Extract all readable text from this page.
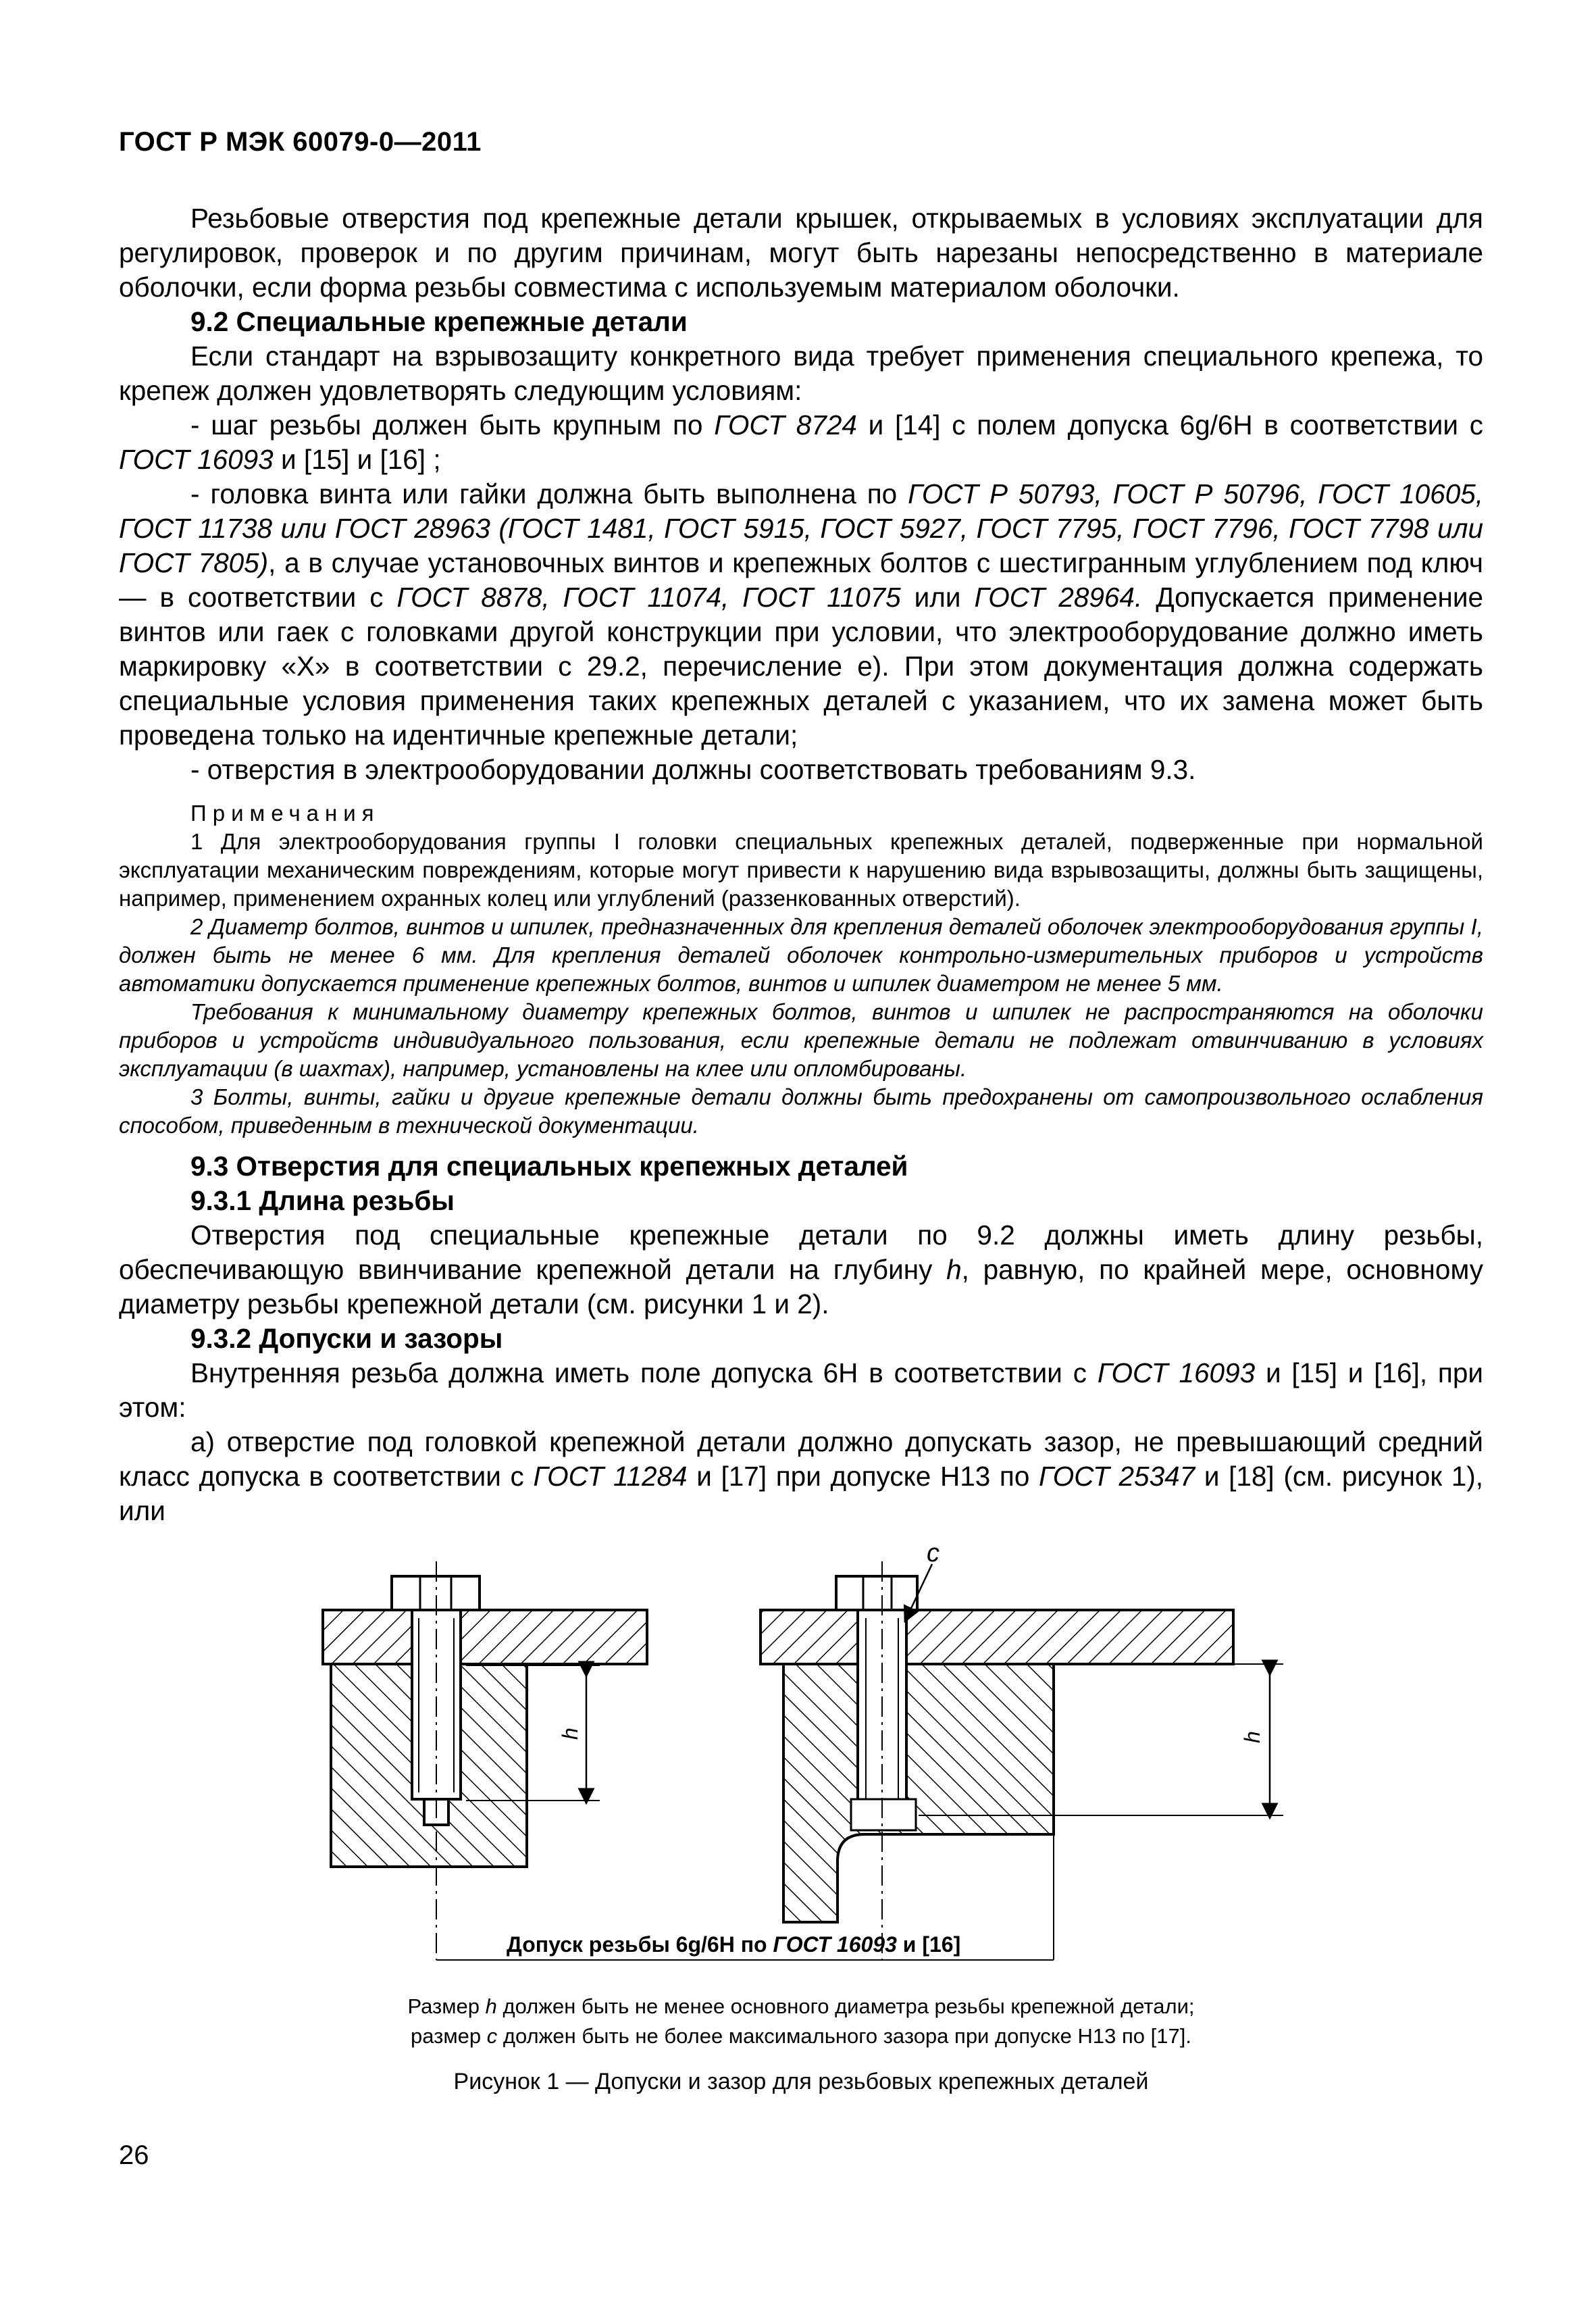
ГОСТ Р МЭК 60079-0—2011

Резьбовые отверстия под крепежные детали крышек, открываемых в условиях эксплуатации для регулировок, проверок и по другим причинам, могут быть нарезаны непосредственно в материале оболочки, если форма резьбы совместима с используемым материалом оболочки.

9.2 Специальные крепежные детали

Если стандарт на взрывозащиту конкретного вида требует применения специального крепежа, то крепеж должен удовлетворять следующим условиям:

- шаг резьбы должен быть крупным по ГОСТ 8724 и [14] с полем допуска 6g/6H в соответствии с ГОСТ 16093 и [15] и [16] ;

- головка винта или гайки должна быть выполнена по ГОСТ Р 50793, ГОСТ Р 50796, ГОСТ 10605, ГОСТ 11738 или ГОСТ 28963 (ГОСТ 1481, ГОСТ 5915, ГОСТ 5927, ГОСТ 7795, ГОСТ 7796, ГОСТ 7798 или ГОСТ 7805), а в случае установочных винтов и крепежных болтов с шестигранным углублением под ключ — в соответствии с ГОСТ 8878, ГОСТ 11074, ГОСТ 11075 или ГОСТ 28964. Допускается применение винтов или гаек с головками другой конструкции при условии, что электрооборудование должно иметь маркировку «Х» в соответствии с 29.2, перечисление е). При этом документация должна содержать специальные условия применения таких крепежных деталей с указанием, что их замена может быть проведена только на идентичные крепежные детали;

- отверстия в электрооборудовании должны соответствовать требованиям 9.3.

Примечания

1 Для электрооборудования группы I головки специальных крепежных деталей, подверженные при нормальной эксплуатации механическим повреждениям, которые могут привести к нарушению вида взрывозащиты, должны быть защищены, например, применением охранных колец или углублений (раззенкованных отверстий).

2 Диаметр болтов, винтов и шпилек, предназначенных для крепления деталей оболочек электрооборудования группы I, должен быть не менее 6 мм. Для крепления деталей оболочек контрольно-измерительных приборов и устройств автоматики допускается применение крепежных болтов, винтов и шпилек диаметром не менее 5 мм.

Требования к минимальному диаметру крепежных болтов, винтов и шпилек не распространяются на оболочки приборов и устройств индивидуального пользования, если крепежные детали не подлежат отвинчиванию в условиях эксплуатации (в шахтах), например, установлены на клее или опломбированы.

3 Болты, винты, гайки и другие крепежные детали должны быть предохранены от самопроизвольного ослабления способом, приведенным в технической документации.

9.3 Отверстия для специальных крепежных деталей

9.3.1 Длина резьбы

Отверстия под специальные крепежные детали по 9.2 должны иметь длину резьбы, обеспечивающую ввинчивание крепежной детали на глубину h, равную, по крайней мере, основному диаметру резьбы крепежной детали (см. рисунки 1 и 2).

9.3.2 Допуски и зазоры

Внутренняя резьба должна иметь поле допуска 6H в соответствии с ГОСТ 16093 и [15] и [16], при этом:

а) отверстие под головкой крепежной детали должно допускать зазор, не превышающий средний класс допуска в соответствии с ГОСТ 11284 и [17] при допуске H13 по ГОСТ 25347 и [18] (см. рисунок 1), или

h	h
c
Допуск резьбы 6g/6H по ГОСТ 16093 и [16]
Размер h должен быть не менее основного диаметра резьбы крепежной детали;
размер c должен быть не более максимального зазора при допуске H13 по [17].
Рисунок 1 — Допуски и зазор для резьбовых крепежных деталей
26
